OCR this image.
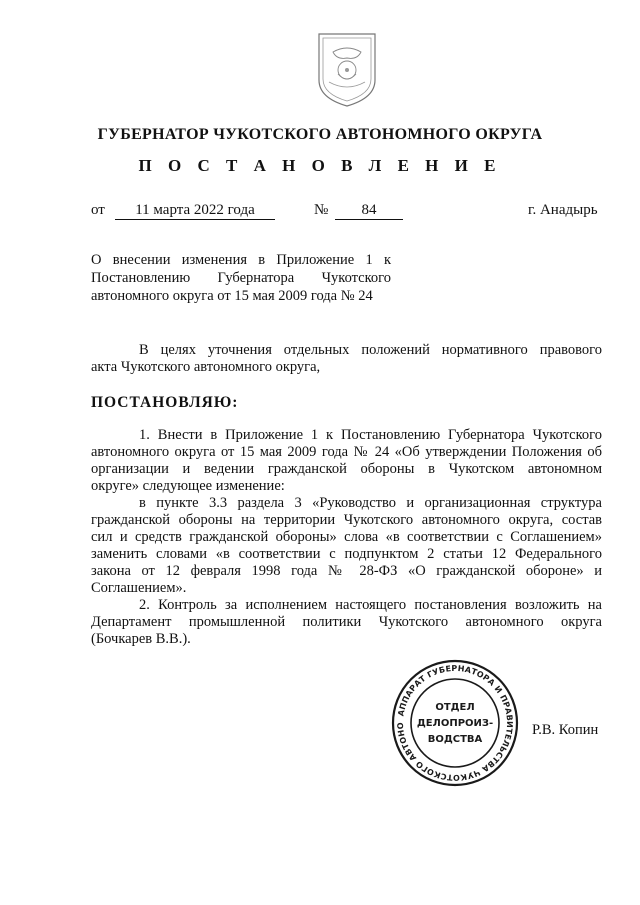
ГУБЕРНАТОР ЧУКОТСКОГО АВТОНОМНОГО ОКРУГА
П О С Т А Н О В Л Е Н И Е
от	11 марта 2022 года	№	84	г. Анадырь
О внесении изменения в Приложение 1 к
Постановлению Губернатора Чукотского
автономного округа от 15 мая 2009 года № 24
В целях уточнения отдельных положений нормативного правового
акта Чукотского автономного округа,
ПОСТАНОВЛЯЮ:
1. Внести в Приложение 1 к Постановлению Губернатора Чукотского
автономного округа от 15 мая 2009 года № 24 «Об утверждении Положения об
организации и ведении гражданской обороны в Чукотском автономном
округе» следующее изменение:
в пункте 3.3 раздела 3 «Руководство и организационная структура
гражданской обороны на территории Чукотского автономного округа, состав
сил и средств гражданской обороны» слова «в соответствии с Соглашением»
заменить словами «в соответствии с подпунктом 2 статьи 12 Федерального
закона от 12 февраля 1998 года № 28-ФЗ «О гражданской обороне» и
Соглашением».
2. Контроль за исполнением настоящего постановления возложить на
Департамент промышленной политики Чукотского автономного округа
(Бочкарев В.В.).
АППАРАТ ГУБЕРНАТОРА И ПРАВИТЕЛЬСТВА ЧУКОТСКОГО АВТОНО
ОТДЕЛ
ДЕЛОПРОИЗ-
ВОДСТВА
Р.В. Копин
